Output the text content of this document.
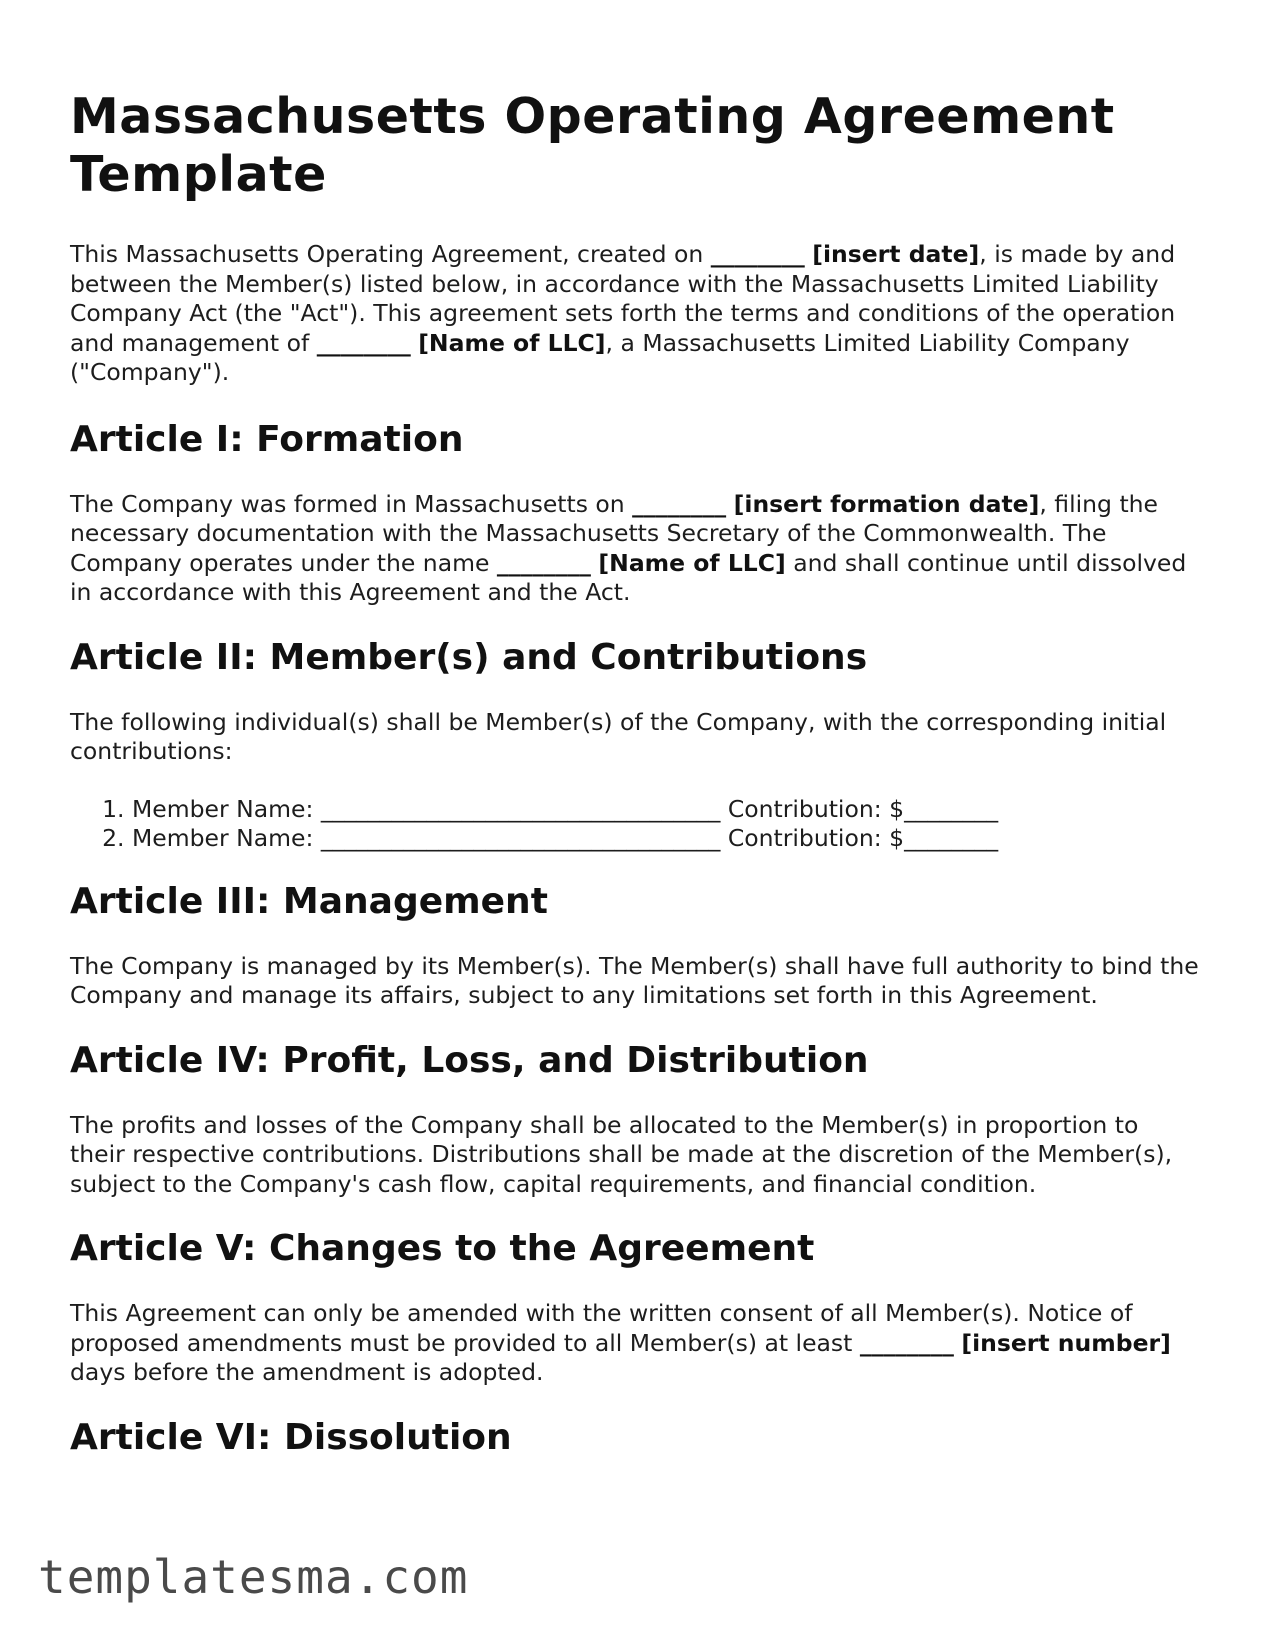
Massachusetts Operating Agreement Template

This Massachusetts Operating Agreement, created on ________ [insert date], is made by and between the Member(s) listed below, in accordance with the Massachusetts Limited Liability Company Act (the "Act"). This agreement sets forth the terms and conditions of the operation and management of ________ [Name of LLC], a Massachusetts Limited Liability Company ("Company").

Article I: Formation

The Company was formed in Massachusetts on ________ [insert formation date], filing the necessary documentation with the Massachusetts Secretary of the Commonwealth. The Company operates under the name ________ [Name of LLC] and shall continue until dissolved in accordance with this Agreement and the Act.

Article II: Member(s) and Contributions

The following individual(s) shall be Member(s) of the Company, with the corresponding initial contributions:

1. Member Name: __________________________________ Contribution: $________
2. Member Name: __________________________________ Contribution: $________
Article III: Management

The Company is managed by its Member(s). The Member(s) shall have full authority to bind the Company and manage its affairs, subject to any limitations set forth in this Agreement.

Article IV: Profit, Loss, and Distribution

The profits and losses of the Company shall be allocated to the Member(s) in proportion to their respective contributions. Distributions shall be made at the discretion of the Member(s), subject to the Company's cash flow, capital requirements, and financial condition.

Article V: Changes to the Agreement

This Agreement can only be amended with the written consent of all Member(s). Notice of proposed amendments must be provided to all Member(s) at least ________ [insert number] days before the amendment is adopted.

Article VI: Dissolution
templatesma.com
